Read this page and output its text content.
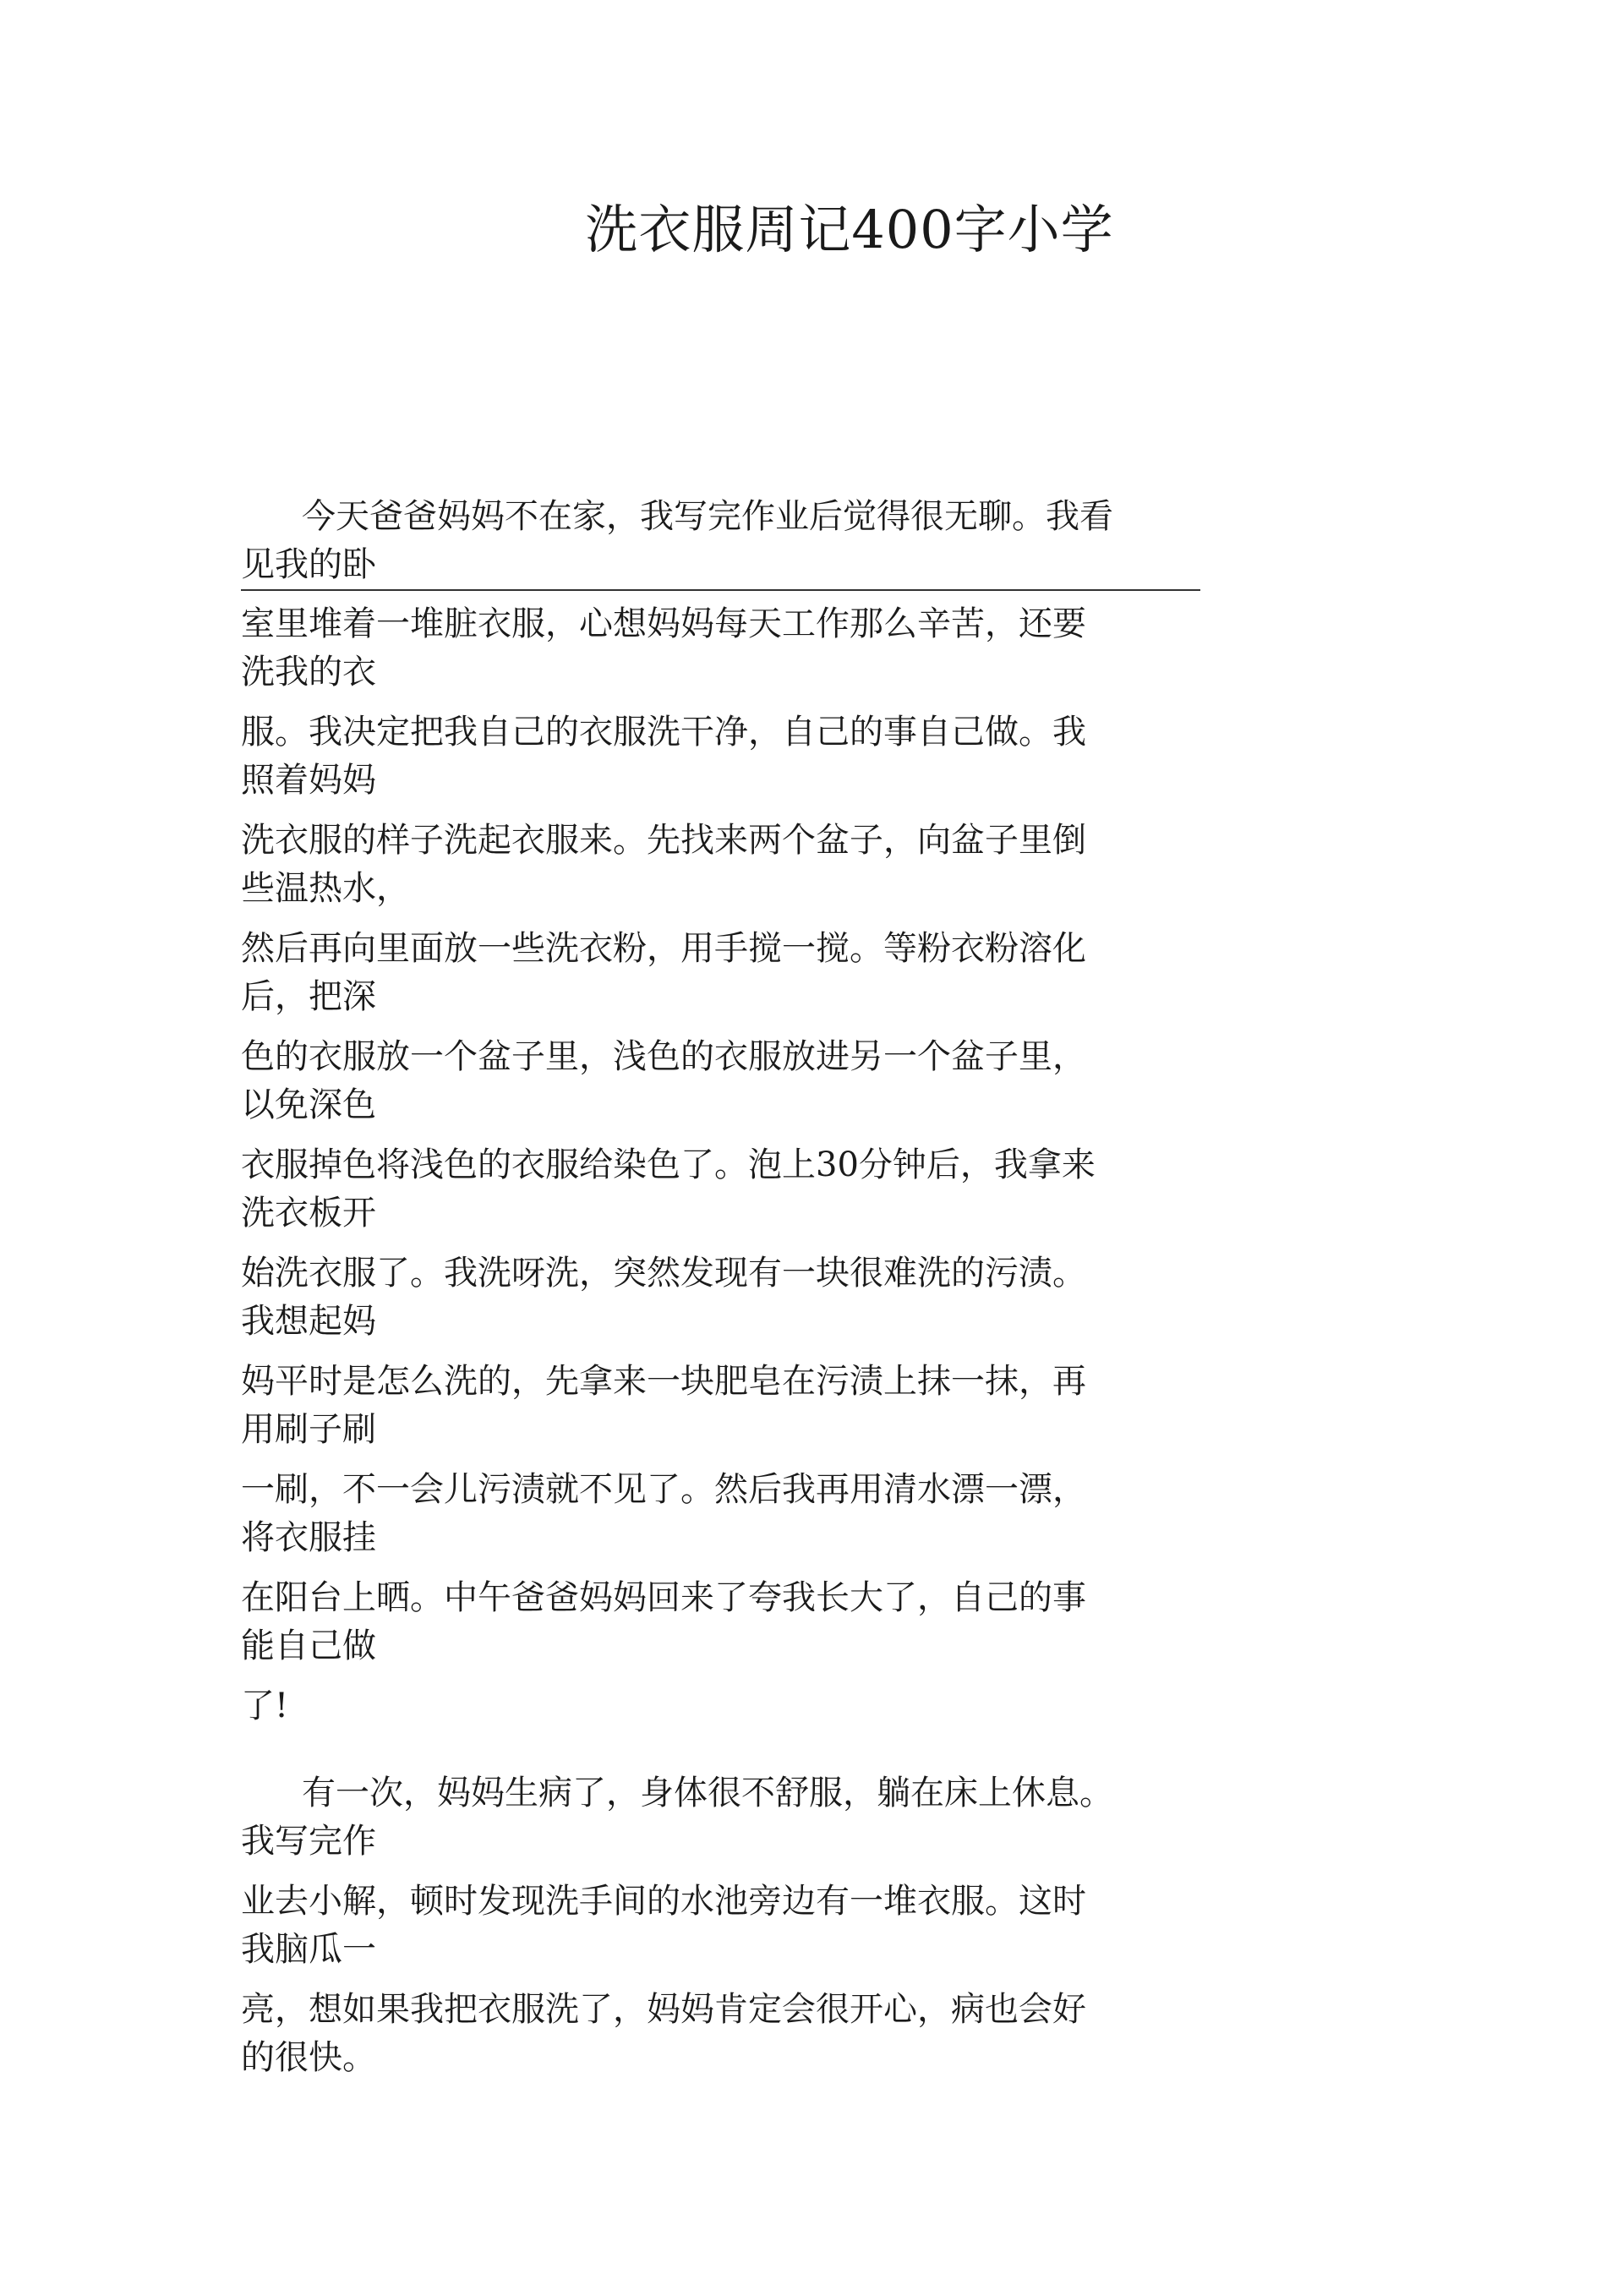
洗衣服周记400字小学
今天爸爸妈妈不在家，我写完作业后觉得很无聊。我看
见我的卧
室里堆着一堆脏衣服，心想妈妈每天工作那么辛苦，还要
洗我的衣
服。我决定把我自己的衣服洗干净，自己的事自己做。我
照着妈妈
洗衣服的样子洗起衣服来。先找来两个盆子，向盆子里倒
些温热水，
然后再向里面放一些洗衣粉，用手搅一搅。等粉衣粉溶化
后，把深
色的衣服放一个盆子里，浅色的衣服放进另一个盆子里，
以免深色
衣服掉色将浅色的衣服给染色了。泡上30分钟后，我拿来
洗衣板开
始洗衣服了。我洗呀洗，突然发现有一块很难洗的污渍。
我想起妈
妈平时是怎么洗的，先拿来一块肥皂在污渍上抹一抹，再
用刷子刷
一刷，不一会儿污渍就不见了。然后我再用清水漂一漂，
将衣服挂
在阳台上晒。中午爸爸妈妈回来了夸我长大了，自己的事
能自己做
了!
有一次，妈妈生病了，身体很不舒服，躺在床上休息。
我写完作
业去小解，顿时发现洗手间的水池旁边有一堆衣服。这时
我脑瓜一
亮，想如果我把衣服洗了，妈妈肯定会很开心，病也会好
的很快。
